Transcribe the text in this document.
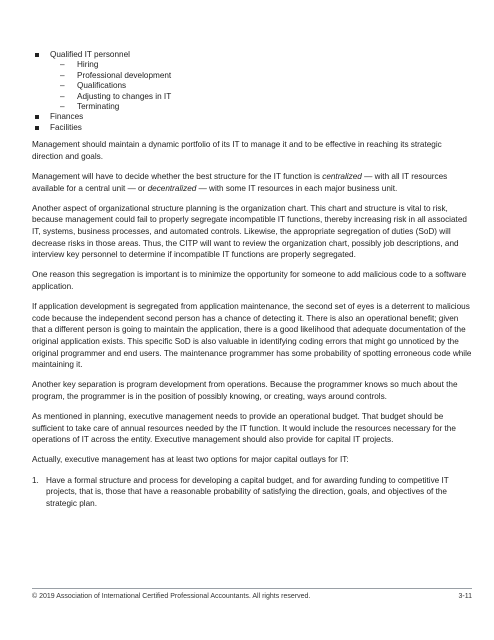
Qualified IT personnel
– Hiring
– Professional development
– Qualifications
– Adjusting to changes in IT
– Terminating
Finances
Facilities

Management should maintain a dynamic portfolio of its IT to manage it and to be effective in reaching its strategic direction and goals.

Management will have to decide whether the best structure for the IT function is centralized — with all IT resources available for a central unit — or decentralized — with some IT resources in each major business unit.

Another aspect of organizational structure planning is the organization chart. This chart and structure is vital to risk, because management could fail to properly segregate incompatible IT functions, thereby increasing risk in all associated IT, systems, business processes, and automated controls. Likewise, the appropriate segregation of duties (SoD) will decrease risks in those areas. Thus, the CITP will want to review the organization chart, possibly job descriptions, and interview key personnel to determine if incompatible IT functions are properly segregated.

One reason this segregation is important is to minimize the opportunity for someone to add malicious code to a software application.

If application development is segregated from application maintenance, the second set of eyes is a deterrent to malicious code because the independent second person has a chance of detecting it. There is also an operational benefit; given that a different person is going to maintain the application, there is a good likelihood that adequate documentation of the original application exists. This specific SoD is also valuable in identifying coding errors that might go unnoticed by the original programmer and end users. The maintenance programmer has some probability of spotting erroneous code while maintaining it.

Another key separation is program development from operations. Because the programmer knows so much about the program, the programmer is in the position of possibly knowing, or creating, ways around controls.

As mentioned in planning, executive management needs to provide an operational budget. That budget should be sufficient to take care of annual resources needed by the IT function. It would include the resources necessary for the operations of IT across the entity. Executive management should also provide for capital IT projects.

Actually, executive management has at least two options for major capital outlays for IT:

1. Have a formal structure and process for developing a capital budget, and for awarding funding to competitive IT projects, that is, those that have a reasonable probability of satisfying the direction, goals, and objectives of the strategic plan.
© 2019 Association of International Certified Professional Accountants. All rights reserved.	3-11
